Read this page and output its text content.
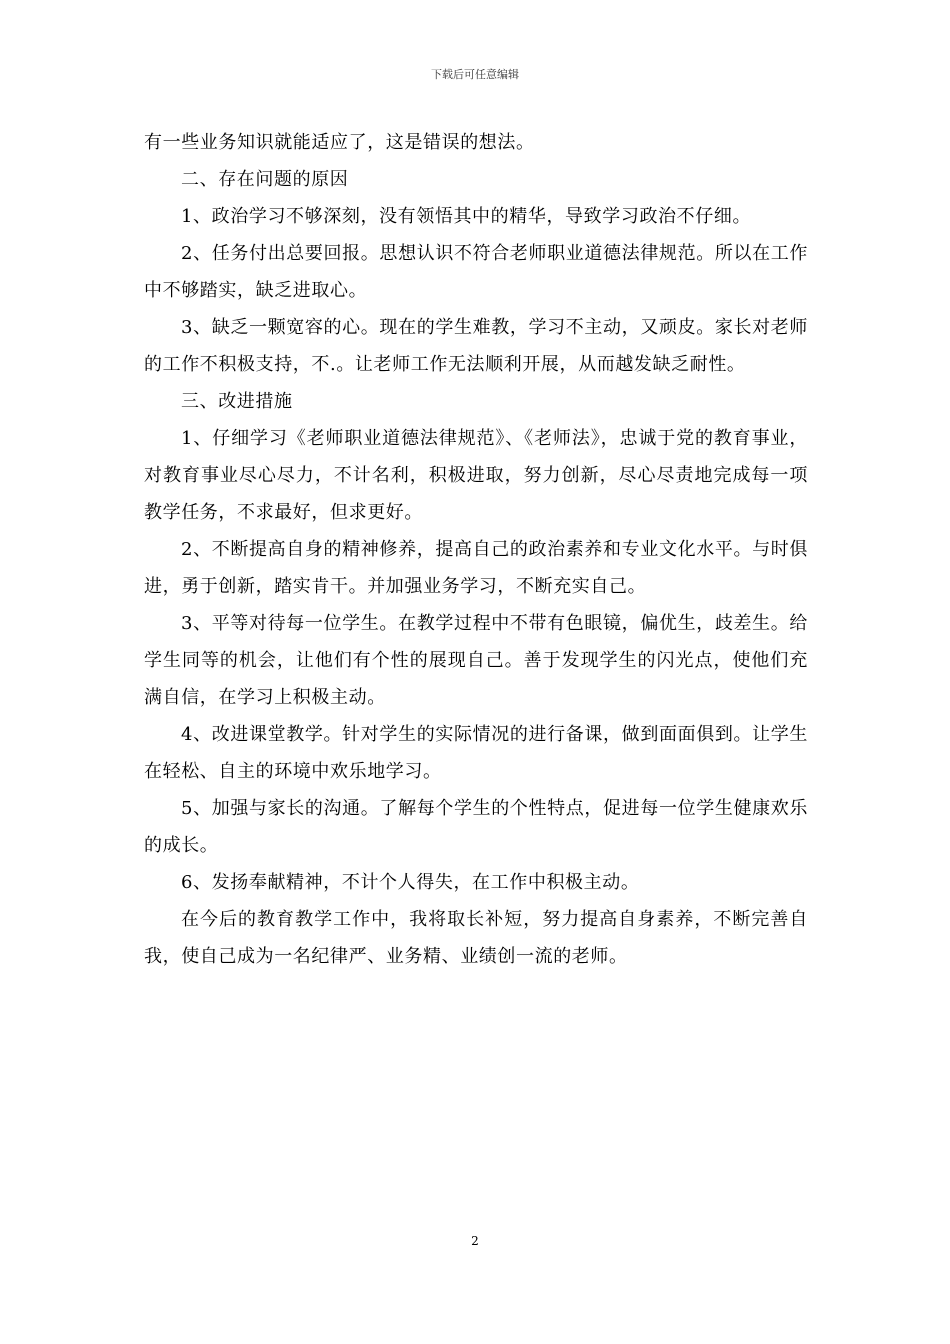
下载后可任意编辑

有一些业务知识就能适应了，这是错误的想法。

二、存在问题的原因

1、政治学习不够深刻，没有领悟其中的精华，导致学习政治不仔细。

2、任务付出总要回报。思想认识不符合老师职业道德法律规范。所以在工作中不够踏实，缺乏进取心。

3、缺乏一颗宽容的心。现在的学生难教，学习不主动，又顽皮。家长对老师的工作不积极支持，不.。让老师工作无法顺利开展，从而越发缺乏耐性。

三、改进措施

1、仔细学习《老师职业道德法律规范》、《老师法》，忠诚于党的教育事业，对教育事业尽心尽力，不计名利，积极进取，努力创新，尽心尽责地完成每一项教学任务，不求最好，但求更好。

2、不断提高自身的精神修养，提高自己的政治素养和专业文化水平。与时俱进，勇于创新，踏实肯干。并加强业务学习，不断充实自己。

3、平等对待每一位学生。在教学过程中不带有色眼镜，偏优生，歧差生。给学生同等的机会，让他们有个性的展现自己。善于发现学生的闪光点，使他们充满自信，在学习上积极主动。

4、改进课堂教学。针对学生的实际情况的进行备课，做到面面俱到。让学生在轻松、自主的环境中欢乐地学习。

5、加强与家长的沟通。了解每个学生的个性特点，促进每一位学生健康欢乐的成长。

6、发扬奉献精神，不计个人得失，在工作中积极主动。

在今后的教育教学工作中，我将取长补短，努力提高自身素养，不断完善自我，使自己成为一名纪律严、业务精、业绩创一流的老师。

2
